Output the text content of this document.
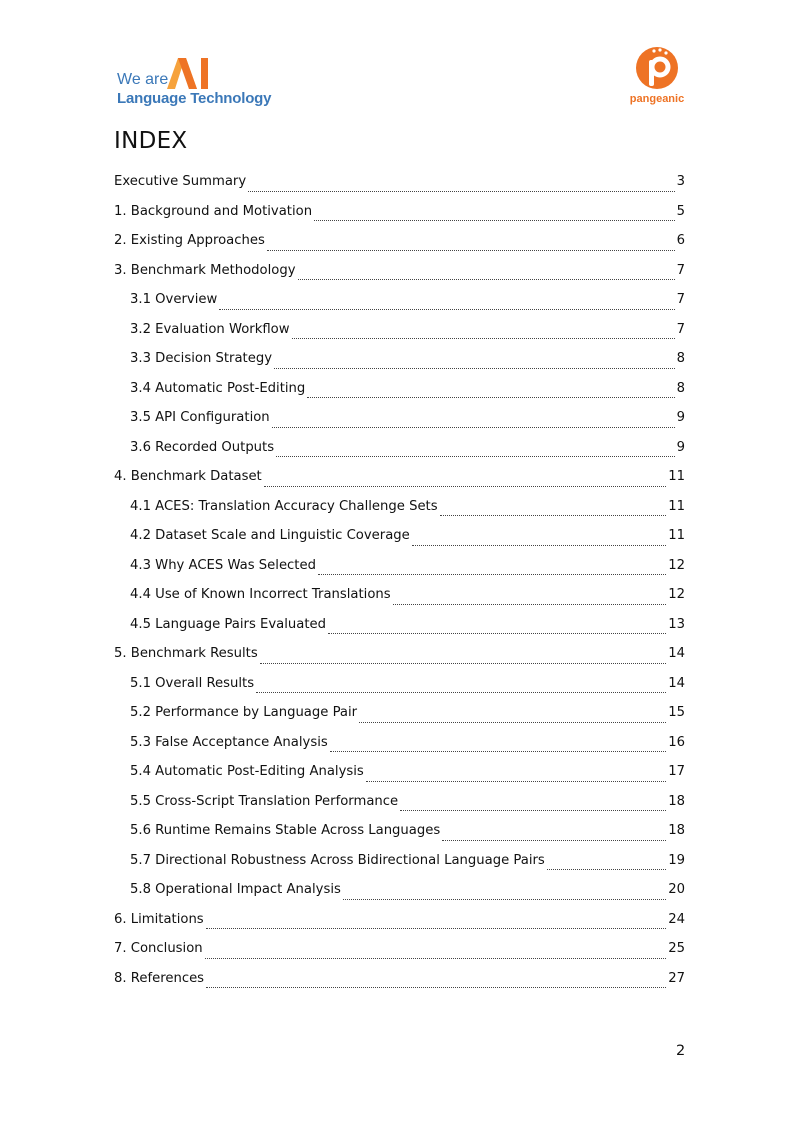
We are
Language Technology	pangeanic
INDEX
Executive Summary	3
1. Background and Motivation	5
2. Existing Approaches	6
3. Benchmark Methodology	7
3.1 Overview	7
3.2 Evaluation Workflow	7
3.3 Decision Strategy	8
3.4 Automatic Post-Editing	8
3.5 API Configuration	9
3.6 Recorded Outputs	9
4. Benchmark Dataset	11
4.1 ACES: Translation Accuracy Challenge Sets	11
4.2 Dataset Scale and Linguistic Coverage	11
4.3 Why ACES Was Selected	12
4.4 Use of Known Incorrect Translations	12
4.5 Language Pairs Evaluated	13
5. Benchmark Results	14
5.1 Overall Results	14
5.2 Performance by Language Pair	15
5.3 False Acceptance Analysis	16
5.4 Automatic Post-Editing Analysis	17
5.5 Cross-Script Translation Performance	18
5.6 Runtime Remains Stable Across Languages	18
5.7 Directional Robustness Across Bidirectional Language Pairs	19
5.8 Operational Impact Analysis	20
6. Limitations	24
7. Conclusion	25
8. References	27
2
